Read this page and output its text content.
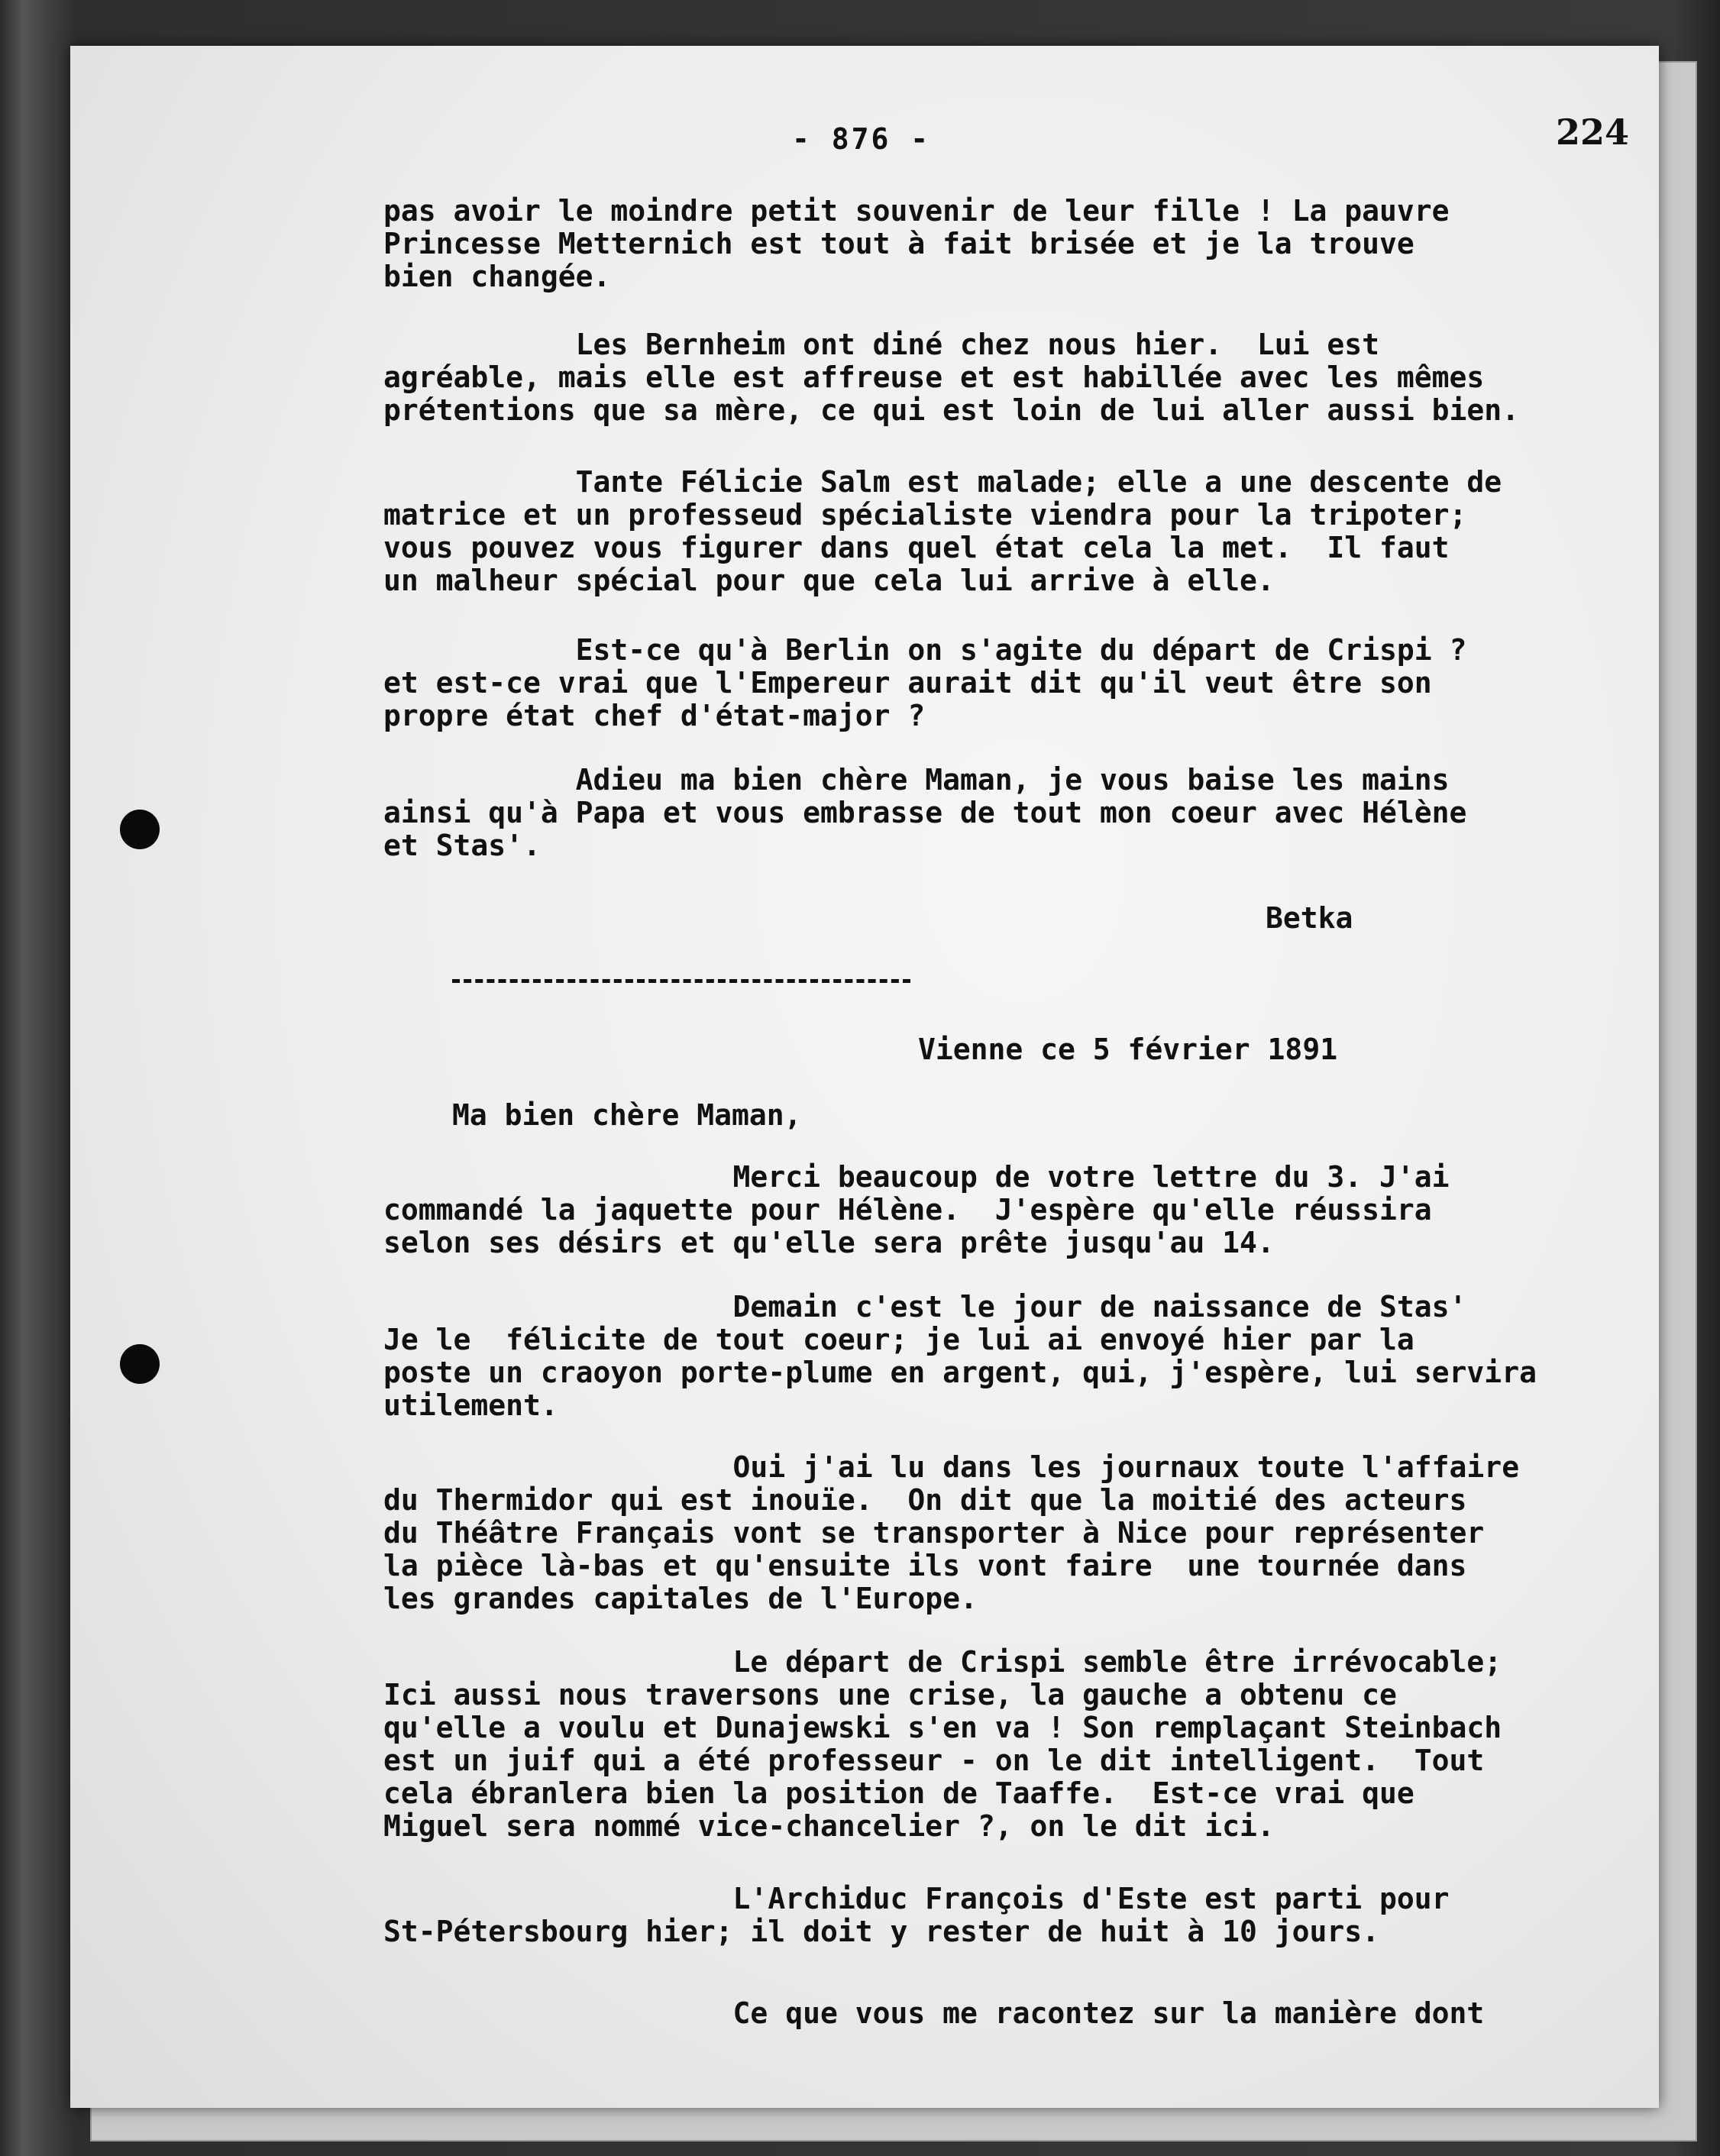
- 876 -	224

pas avoir le moindre petit souvenir de leur fille ! La pauvre
Princesse Metternich est tout à fait brisée et je la trouve
bien changée.

Les Bernheim ont diné chez nous hier.  Lui est
agréable, mais elle est affreuse et est habillée avec les mêmes
prétentions que sa mère, ce qui est loin de lui aller aussi bien.

Tante Félicie Salm est malade; elle a une descente de
matrice et un professeud spécialiste viendra pour la tripoter;
vous pouvez vous figurer dans quel état cela la met.  Il faut
un malheur spécial pour que cela lui arrive à elle.

Est-ce qu'à Berlin on s'agite du départ de Crispi ?
et est-ce vrai que l'Empereur aurait dit qu'il veut être son
propre état chef d'état-major ?

Adieu ma bien chère Maman, je vous baise les mains
ainsi qu'à Papa et vous embrasse de tout mon coeur avec Hélène
et Stas'.

Betka

Vienne ce 5 février 1891

Ma bien chère Maman,

Merci beaucoup de votre lettre du 3. J'ai
commandé la jaquette pour Hélène.  J'espère qu'elle réussira
selon ses désirs et qu'elle sera prête jusqu'au 14.

Demain c'est le jour de naissance de Stas'
Je le  félicite de tout coeur; je lui ai envoyé hier par la
poste un craoyon porte-plume en argent, qui, j'espère, lui servira
utilement.

Oui j'ai lu dans les journaux toute l'affaire
du Thermidor qui est inouïe.  On dit que la moitié des acteurs
du Théâtre Français vont se transporter à Nice pour représenter
la pièce là-bas et qu'ensuite ils vont faire  une tournée dans
les grandes capitales de l'Europe.

Le départ de Crispi semble être irrévocable;
Ici aussi nous traversons une crise, la gauche a obtenu ce
qu'elle a voulu et Dunajewski s'en va ! Son remplaçant Steinbach
est un juif qui a été professeur - on le dit intelligent.  Tout
cela ébranlera bien la position de Taaffe.  Est-ce vrai que
Miguel sera nommé vice-chancelier ?, on le dit ici.

L'Archiduc François d'Este est parti pour
St-Pétersbourg hier; il doit y rester de huit à 10 jours.

Ce que vous me racontez sur la manière dont
